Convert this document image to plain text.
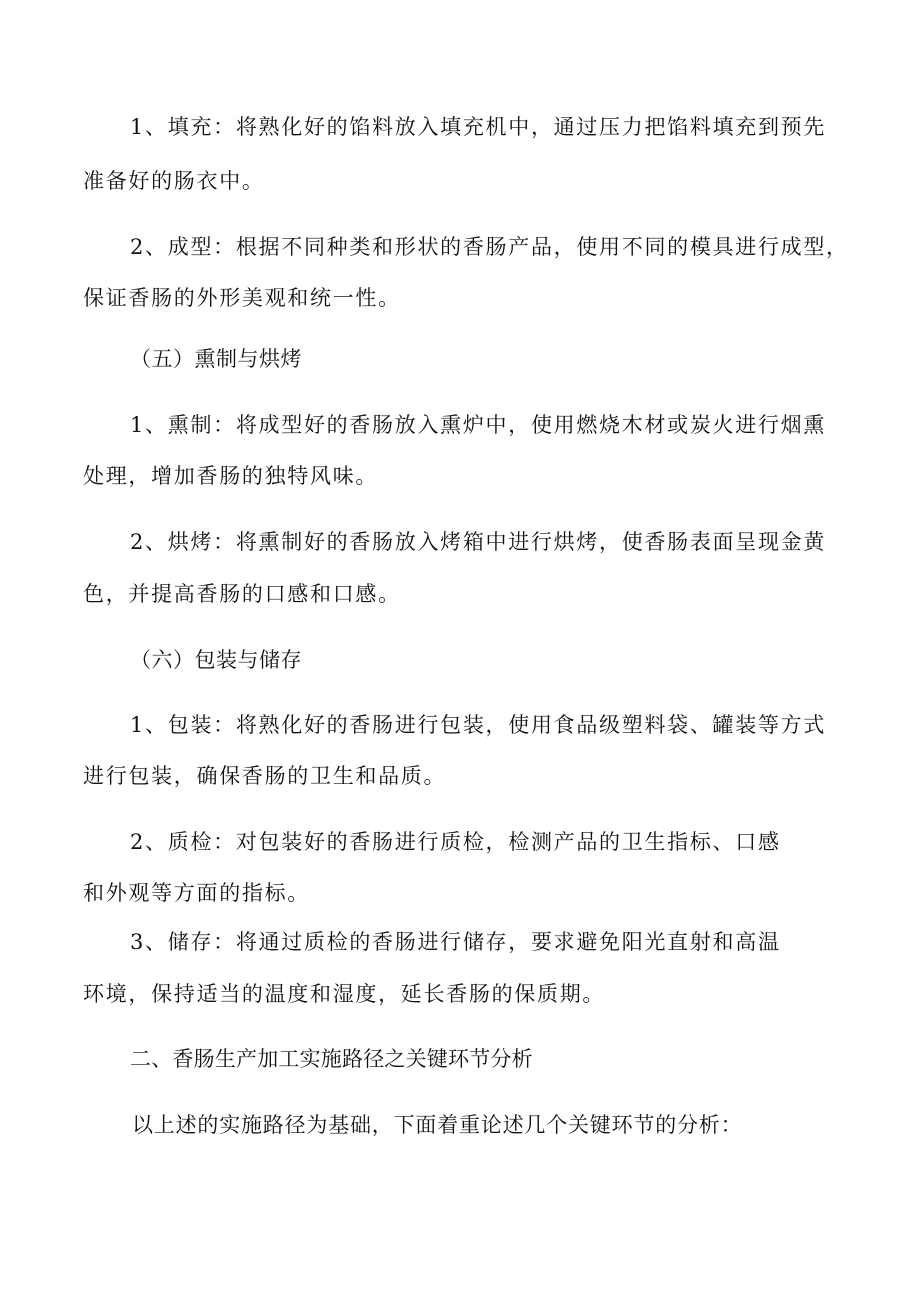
1、填充：将熟化好的馅料放入填充机中，通过压力把馅料填充到预先
准备好的肠衣中。
2、成型：根据不同种类和形状的香肠产品，使用不同的模具进行成型，
保证香肠的外形美观和统一性。
（五）熏制与烘烤
1、熏制：将成型好的香肠放入熏炉中，使用燃烧木材或炭火进行烟熏
处理，增加香肠的独特风味。
2、烘烤：将熏制好的香肠放入烤箱中进行烘烤，使香肠表面呈现金黄
色，并提高香肠的口感和口感。
（六）包装与储存
1、包装：将熟化好的香肠进行包装，使用食品级塑料袋、罐装等方式
进行包装，确保香肠的卫生和品质。
2、质检：对包装好的香肠进行质检，检测产品的卫生指标、口感
和外观等方面的指标。
3、储存：将通过质检的香肠进行储存，要求避免阳光直射和高温
环境，保持适当的温度和湿度，延长香肠的保质期。
二、香肠生产加工实施路径之关键环节分析
以上述的实施路径为基础，下面着重论述几个关键环节的分析：
